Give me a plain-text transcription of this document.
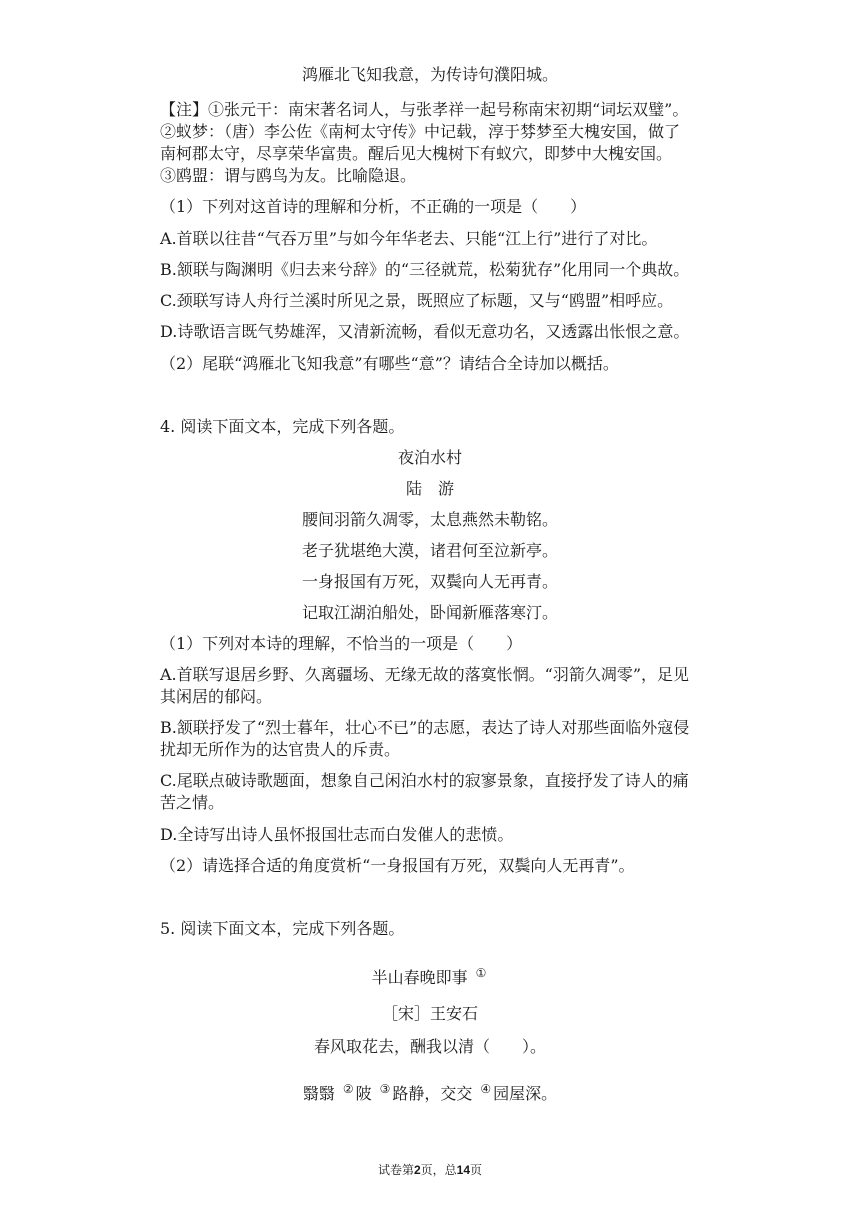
鸿雁北飞知我意，为传诗句濮阳城。
【注】①张元干：南宋著名词人，与张孝祥一起号称南宋初期“词坛双璧”。
②蚁梦：（唐）李公佐《南柯太守传》中记载，淳于棼梦至大槐安国，做了
南柯郡太守，尽享荣华富贵。醒后见大槐树下有蚁穴，即梦中大槐安国。
③鸥盟：谓与鸥鸟为友。比喻隐退。
（1）下列对这首诗的理解和分析，不正确的一项是（　　）
A.首联以往昔“气吞万里”与如今年华老去、只能“江上行”进行了对比。
B.颔联与陶渊明《归去来兮辞》的“三径就荒，松菊犹存”化用同一个典故。
C.颈联写诗人舟行兰溪时所见之景，既照应了标题，又与“鸥盟”相呼应。
D.诗歌语言既气势雄浑，又清新流畅，看似无意功名，又透露出怅恨之意。
（2）尾联“鸿雁北飞知我意”有哪些“意”？请结合全诗加以概括。
4. 阅读下面文本，完成下列各题。
夜泊水村
陆　游
腰间羽箭久凋零，太息燕然未勒铭。
老子犹堪绝大漠，诸君何至泣新亭。
一身报国有万死，双鬓向人无再青。
记取江湖泊船处，卧闻新雁落寒汀。
（1）下列对本诗的理解，不恰当的一项是（　　）
A.首联写退居乡野、久离疆场、无缘无故的落寞怅惘。“羽箭久凋零”，足见
其闲居的郁闷。
B.颔联抒发了“烈士暮年，壮心不已”的志愿，表达了诗人对那些面临外寇侵
扰却无所作为的达官贵人的斥责。
C.尾联点破诗歌题面，想象自己闲泊水村的寂寥景象，直接抒发了诗人的痛
苦之情。
D.全诗写出诗人虽怀报国壮志而白发催人的悲愤。
（2）请选择合适的角度赏析“一身报国有万死，双鬓向人无再青”。
5. 阅读下面文本，完成下列各题。
半山春晚即事 ①
［宋］王安石
春风取花去，酬我以清（　　）。
翳翳 ② 陂 ③ 路静，交交 ④ 园屋深。
试卷第2页，总14页
